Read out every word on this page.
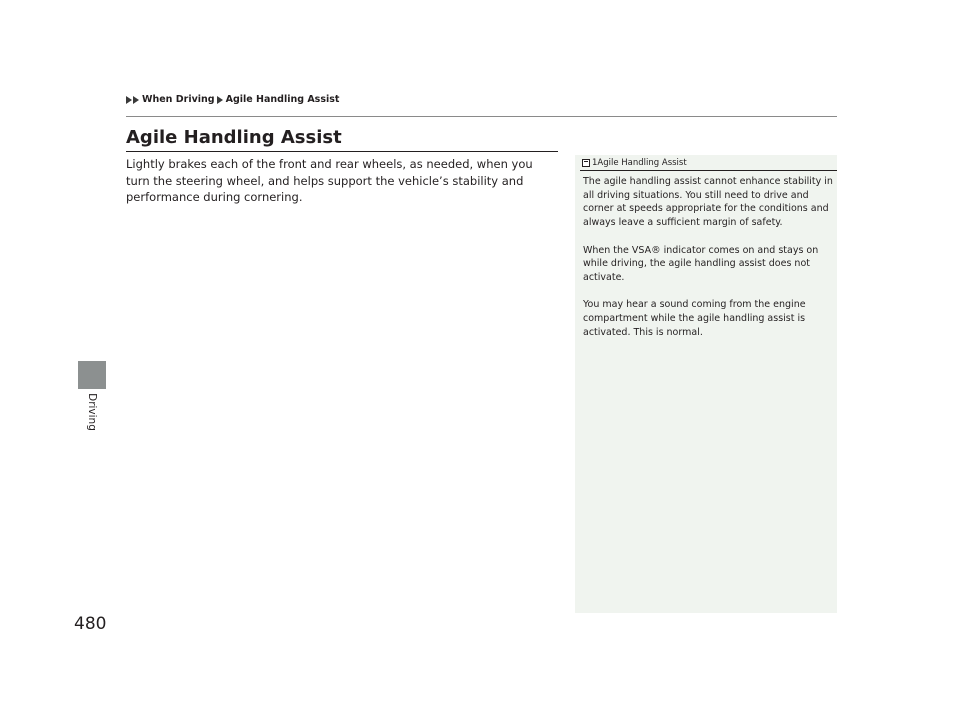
When Driving Agile Handling Assist
Driving
480
Agile Handling Assist

Lightly brakes each of the front and rear wheels, as needed, when you turn the steering wheel, and helps support the vehicle’s stability and performance during cornering.

1 Agile Handling Assist

The agile handling assist cannot enhance stability in all driving situations. You still need to drive and corner at speeds appropriate for the conditions and always leave a sufficient margin of safety.

When the VSA® indicator comes on and stays on while driving, the agile handling assist does not activate.

You may hear a sound coming from the engine compartment while the agile handling assist is activated. This is normal.
